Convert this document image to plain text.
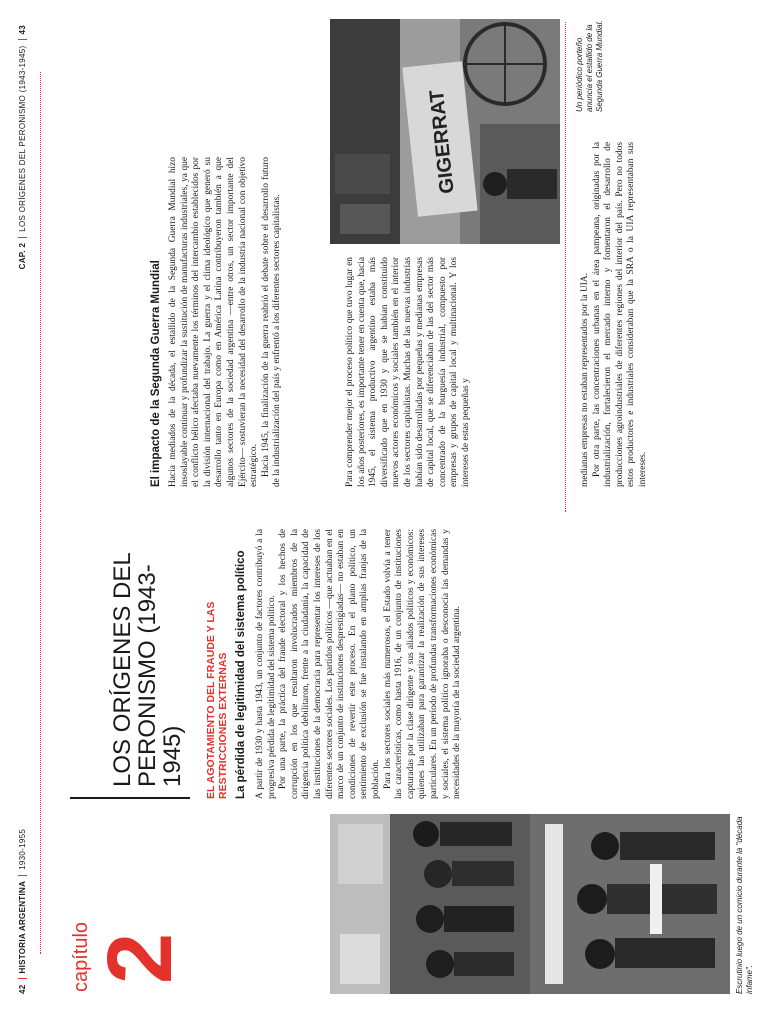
42HISTORIA ARGENTINA1930-1955	Escrutinio luego de un comicio durante la "década infame".
capítulo
2
LOS ORÍGENES DEL
PERONISMO (1943-1945) EL AGOTAMIENTO DEL FRAUDE Y LAS RESTRICCIONES EXTERNAS La pérdida de legitimidad del sistema político A partir de 1930 y hasta 1943, un conjunto de factores contribuyó a la progresiva pérdida de legitimidad del sistema político. Por una parte, la práctica del fraude electoral y los hechos de corrupción en los que resultaron involucrados miembros de la dirigencia política debilitaron, frente a la ciudadanía, la capacidad de las instituciones de la democracia para representar los intereses de los diferentes sectores sociales. Los partidos políticos —que actuaban en el marco de un conjunto de instituciones desprestigiadas— no estaban en condiciones de revertir este proceso. En el plano político, un sentimiento de exclusión se fue instalando en amplias franjas de la población. Para los sectores sociales más numerosos, el Estado volvía a tener las características, como hasta 1916, de un conjunto de instituciones capturadas por la clase dirigente y sus aliados políticos y económicos: quienes las utilizaban para garantizar la realización de sus intereses particulares. En un período de profundas transformaciones económicas y sociales, el sistema político ignoraba o desconocía las demandas y necesidades de la mayoría de la sociedad argentina.

CAP. 2LOS ORÍGENES DEL PERONISMO (1943-1945)43
El impacto de la Segunda Guerra Mundial Hacia mediados de la década, el estallido de la Segunda Guerra Mundial hizo insoslayable continuar y profundizar la sustitución de manufacturas industriales, ya que el conflicto bélico afectaba nuevamente los términos del intercambio establecidos por la división internacional del trabajo. La guerra y el clima ideológico que generó su desarrollo tanto en Europa como en América Latina contribuyeron también a que algunos sectores de la sociedad argentina —entre otros, un sector importante del Ejército— sostuvieran la necesidad del desarrollo de la industria nacional con objetivo estratégico. Hacia 1945, la finalización de la guerra reabrió el debate sobre el desarrollo futuro de la industrialización del país y enfrentó a los diferentes sectores capitalistas.	Para comprender mejor el proceso político que tuvo lugar en los años posteriores, es importante tener en cuenta que, hacia 1945, el sistema productivo argentino estaba más diversificado que en 1930 y que se habían constituido nuevos actores económicos y sociales también en el interior de los sectores capitalistas. Muchas de las nuevas industrias habían sido desarrolladas por pequeñas y medianas empresas de capital local, que se diferenciaban de las del sector más concentrado de la burguesía industrial, compuesto por empresas y grupos de capital local y multinacional. Y los intereses de estas pequeñas y

GIGERRAT
Un periódico porteño anuncia el estallido de la Segunda Guerra Mundial.

medianas empresas no estaban representados por la UIA. Por otra parte, las concentraciones urbanas en el área pampeana, originadas por la industrialización, fortalecieron el mercado interno y fomentaron el desarrollo de producciones agroindustriales de diferentes regiones del interior del país. Pero no todos estos productores e industriales consideraban que la SRA o la UIA representaban sus intereses.
